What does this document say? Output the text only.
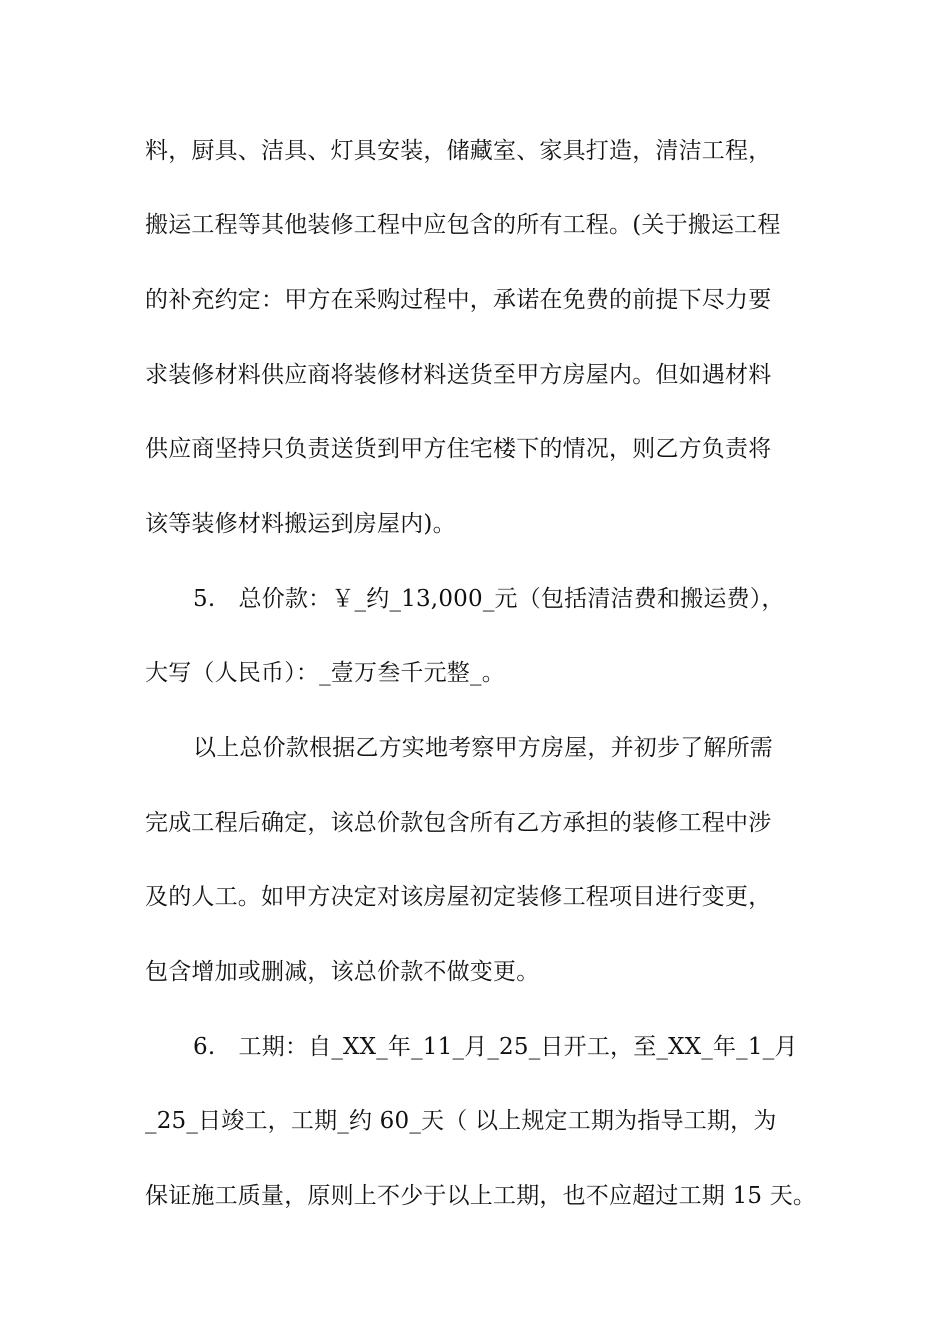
料，厨具、洁具、灯具安装，储藏室、家具打造，清洁工程，

搬运工程等其他装修工程中应包含的所有工程。(关于搬运工程

的补充约定：甲方在采购过程中，承诺在免费的前提下尽力要

求装修材料供应商将装修材料送货至甲方房屋内。但如遇材料

供应商坚持只负责送货到甲方住宅楼下的情况，则乙方负责将

该等装修材料搬运到房屋内)。

5.　总价款：￥_约_13,000_元（包括清洁费和搬运费），

大写（人民币）：_壹万叁千元整_。

以上总价款根据乙方实地考察甲方房屋，并初步了解所需

完成工程后确定，该总价款包含所有乙方承担的装修工程中涉

及的人工。如甲方决定对该房屋初定装修工程项目进行变更，

包含增加或删减，该总价款不做变更。

6.　工期：自_XX_年_11_月_25_日开工，至_XX_年_1_月

_25_日竣工，工期_约 60_天（ 以上规定工期为指导工期，为

保证施工质量，原则上不少于以上工期，也不应超过工期 15 天。
